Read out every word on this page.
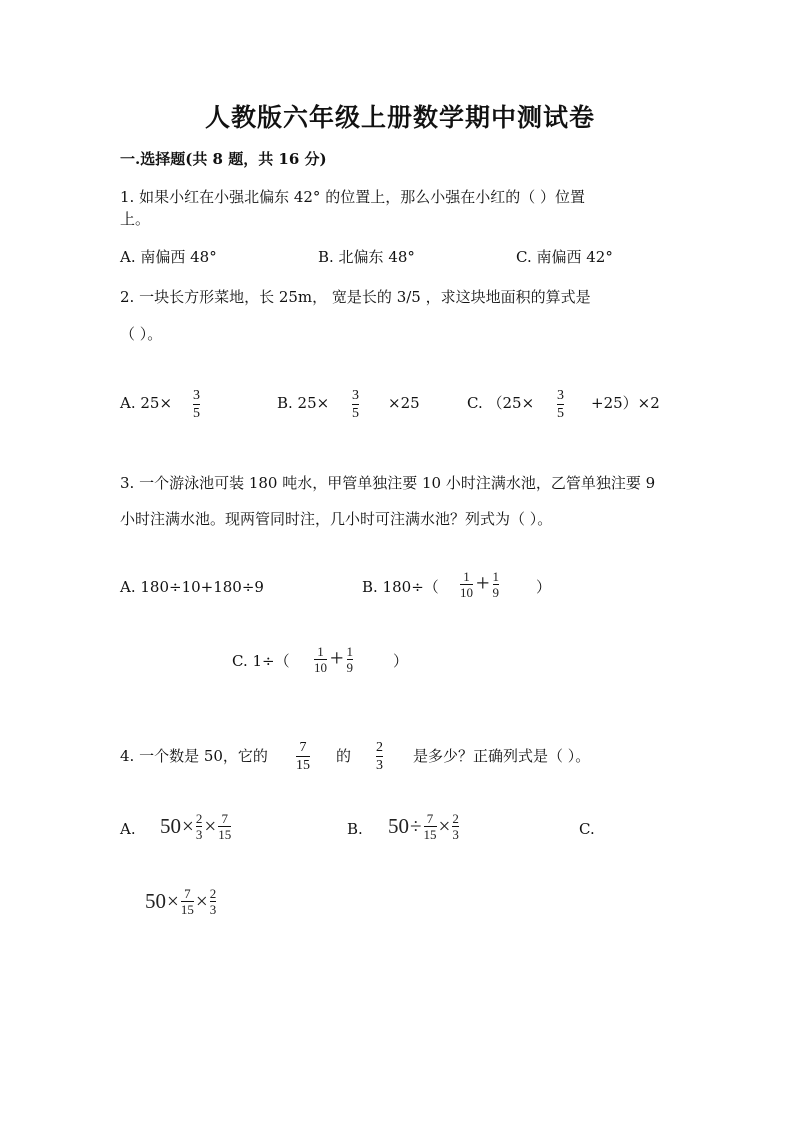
人教版六年级上册数学期中测试卷
一.选择题(共 8 题，共 16 分)
1. 如果小红在小强北偏东 42° 的位置上，那么小强在小红的（ ）位置
上。
A. 南偏西 48°	B. 北偏东 48°	C. 南偏西 42°
2. 一块长方形菜地，长 25m， 宽是长的 3/5 ，求这块地面积的算式是
（ ）。
A. 25× 3
5
B. 25× 3
5
×25	C. （25× 3
5
+25）×2
3. 一个游泳池可装 180 吨水，甲管单独注要 10 小时注满水池，乙管单独注要 9
小时注满水池。现两管同时注，几小时可注满水池？列式为（ ）。
A. 180÷10+180÷9	B. $180\div( \frac{1}{10} + \frac{1}{9}$ ）
C. $1\div( \frac{1}{10} + \frac{1}{9}$	）
4. 一个数是 50，它的 7
15
的 2
3
是多少？正确列式是（ ）。
A. $50 \times \frac{2}{3} \times \frac{7}{15}$	B. $50 \div \frac{7}{15} \times \frac{2}{3}$	C.
$50 \times \frac{7}{15} \times \frac{2}{3}$
